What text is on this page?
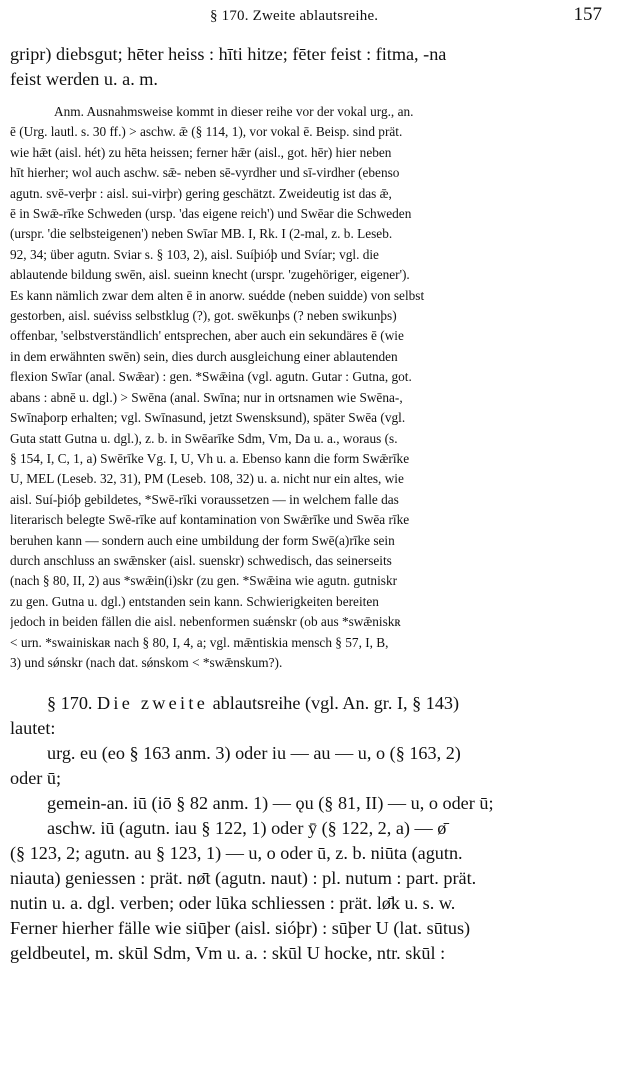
§ 170. Zweite ablautsreihe.	157
gripr) diebsgut; hēter heiss : hīti hitze; fēter feist : fitma, -na
feist werden u. a. m.
Anm. Ausnahmsweise kommt in dieser reihe vor der vokal urg., an.
ē (Urg. lautl. s. 30 ff.) > aschw. ǣ (§ 114, 1), vor vokal ē. Beisp. sind prät.
wie hǣt (aisl. hét) zu hēta heissen; ferner hǣr (aisl., got. hēr) hier neben
hīt hierher; wol auch aschw. sǣ- neben sē-vyrdher und sī-virdher (ebenso
agutn. svē-verþr : aisl. sui-virþr) gering geschätzt. Zweideutig ist das ǣ,
ē in Swǣ-rīke Schweden (ursp. 'das eigene reich') und Swēar die Schweden
(urspr. 'die selbsteigenen') neben Swīar MB. I, Rk. I (2-mal, z. b. Leseb.
92, 34; über agutn. Sviar s. § 103, 2), aisl. Suíþióþ und Svíar; vgl. die
ablautende bildung swēn, aisl. sueinn knecht (urspr. 'zugehöriger, eigener').
Es kann nämlich zwar dem alten ē in anorw. suédde (neben suidde) von selbst
gestorben, aisl. suéviss selbstklug (?), got. swēkunþs (? neben swikunþs)
offenbar, 'selbstverständlich' entsprechen, aber auch ein sekundäres ē (wie
in dem erwähnten swēn) sein, dies durch ausgleichung einer ablautenden
flexion Swīar (anal. Swǣar) : gen. *Swǣina (vgl. agutn. Gutar : Gutna, got.
abans : abnē u. dgl.) > Swēna (anal. Swīna; nur in ortsnamen wie Swēna-,
Swīnaþorp erhalten; vgl. Swīnasund, jetzt Swensksund), später Swēa (vgl.
Guta statt Gutna u. dgl.), z. b. in Swēarīke Sdm, Vm, Da u. a., woraus (s.
§ 154, I, C, 1, a) Swērīke Vg. I, U, Vh u. a. Ebenso kann die form Swǣrīke
U, MEL (Leseb. 32, 31), PM (Leseb. 108, 32) u. a. nicht nur ein altes, wie
aisl. Suí-þióþ gebildetes, *Swē-rīki voraussetzen — in welchem falle das
literarisch belegte Swē-rīke auf kontamination von Swǣrīke und Swēa rīke
beruhen kann — sondern auch eine umbildung der form Swē(a)rīke sein
durch anschluss an swǣnsker (aisl. suenskr) schwedisch, das seinerseits
(nach § 80, II, 2) aus *swǣin(i)skr (zu gen. *Swǣina wie agutn. gutniskr
zu gen. Gutna u. dgl.) entstanden sein kann. Schwierigkeiten bereiten
jedoch in beiden fällen die aisl. nebenformen suǽnskr (ob aus *swǣniskʀ
< urn. *swainiskaʀ nach § 80, I, 4, a; vgl. mǣntiskia mensch § 57, I, B,
3) und sǿnskr (nach dat. sǿnskom < *swǣnskum?).
§ 170. Die zweite ablautsreihe (vgl. An. gr. I, § 143)
lautet:
urg. eu (eo § 163 anm. 3) oder iu — au — u, o (§ 163, 2)
oder ū;
gemein-an. iū (iō § 82 anm. 1) — ǫu (§ 81, II) — u, o oder ū;
aschw. iū (agutn. iau § 122, 1) oder ȳ (§ 122, 2, a) — ø̄
(§ 123, 2; agutn. au § 123, 1) — u, o oder ū, z. b. niūta (agutn.
niauta) geniessen : prät. nø̄t (agutn. naut) : pl. nutum : part. prät.
nutin u. a. dgl. verben; oder lūka schliessen : prät. lø̄k u. s. w.
Ferner hierher fälle wie siūþer (aisl. sióþr) : sūþer U (lat. sūtus)
geldbeutel, m. skūl Sdm, Vm u. a. : skūl U hocke, ntr. skūl :
